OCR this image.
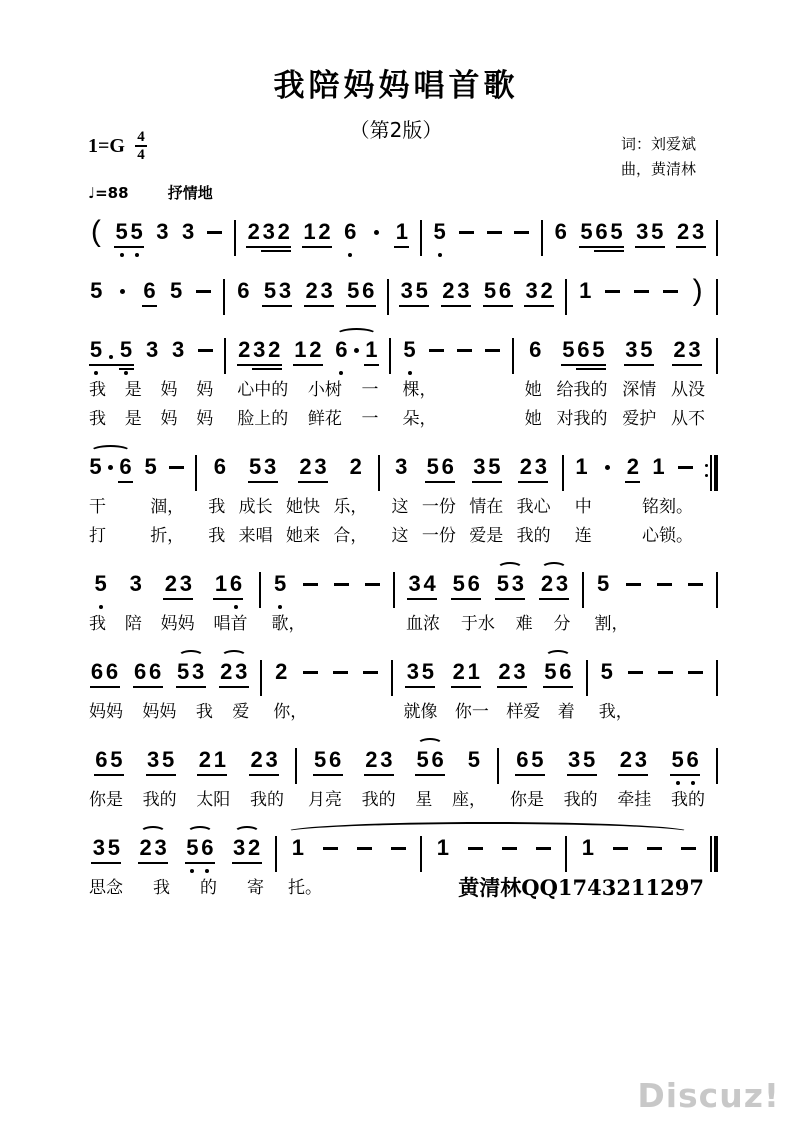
我陪妈妈唱首歌
（第2版）
$1=G \frac{4}{4}$	词：刘爱斌
曲，黄清林
♩=88	抒情地
( 5 5 3 3 2 3 2 1 2 6 1 5	6 5 6 5 3 5 2 3
5 6 5 6 5 3 2 3 5 6 3 5 2 3 5 6 3 2 1	)
5 5 3 3
我 是 妈 妈
我 是 妈 妈
2 3 2 1 2 6 1
心中的 小树 一
脸上的 鲜花 一
5
棵，
朵，
6 5 6 5 3 5 2 3
她 给我的 深情 从没
她 对我的 爱护 从不
5 6 5
干	涸，
打	折，
6 5 3 2 3 2
我 成长 她快 乐，
我 来唱 她来 合，
3 5 6 3 5 2 3
这 一份 情在 我心
这 一份 爱是 我的
1 2 1
中	铭刻。
连	心锁。
5 3 2 3 1 6
我 陪 妈妈 唱首
5
歌，
3 4 5 6 5 3 2 3
血浓 于水 难 分
5
割，
6 6 6 6 5 3 2 3
妈妈 妈妈 我 爱
2
你，
3 5 2 1 2 3 5 6
就像 你一 样爱 着
5
我，
6 5 3 5 2 1 2 3
你是 我的 太阳 我的
5 6 2 3 5 6 5
月亮 我的 星 座，
6 5 3 5 2 3 5 6
你是 我的 牵挂 我的
3 5 2 3 5 6 3 2
思念 我 的 寄
1
托。
1	1
黄清林QQ1743211297
Discuz!
